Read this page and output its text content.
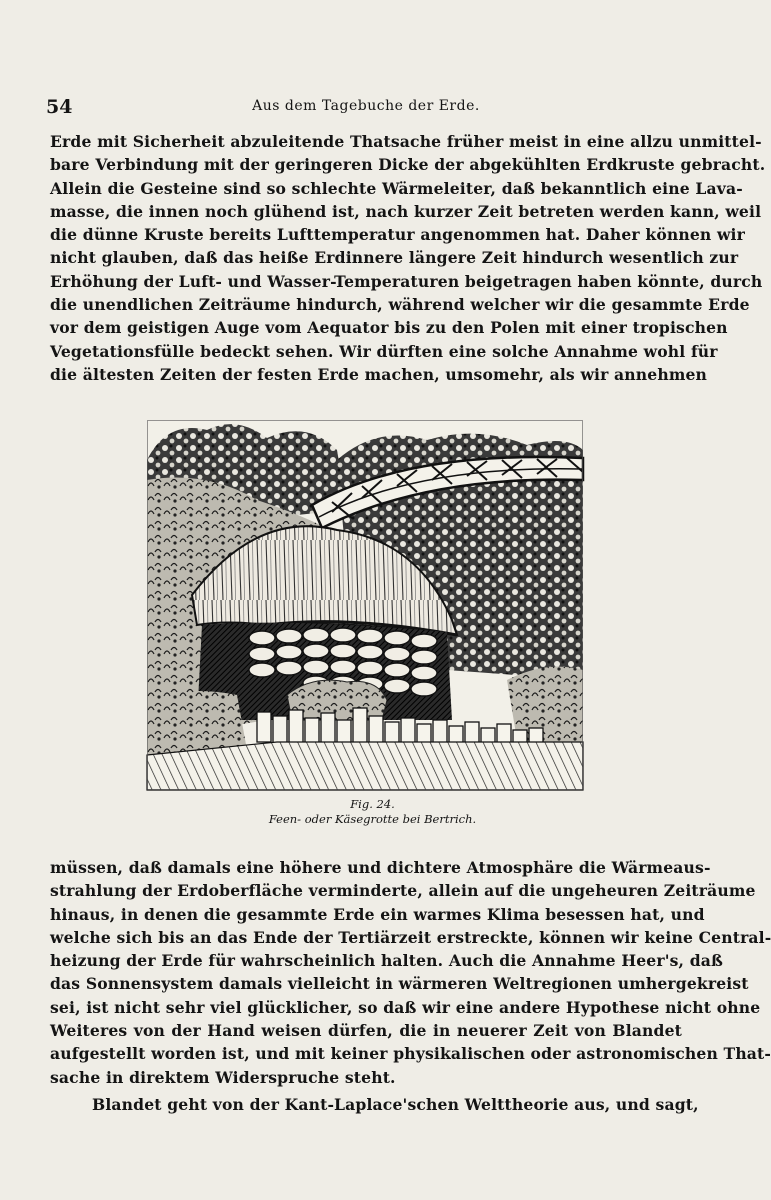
54	Aus dem Tagebuche der Erde.
Erde mit Sicherheit abzuleitende Thatsache früher meist in eine allzu unmittel-
bare Verbindung mit der geringeren Dicke der abgekühlten Erdkruste gebracht.
Allein die Gesteine sind so schlechte Wärmeleiter, daß bekanntlich eine Lava-
masse, die innen noch glühend ist, nach kurzer Zeit betreten werden kann, weil
die dünne Kruste bereits Lufttemperatur angenommen hat. Daher können wir
nicht glauben, daß das heiße Erdinnere längere Zeit hindurch wesentlich zur
Erhöhung der Luft- und Wasser-Temperaturen beigetragen haben könnte, durch
die unendlichen Zeiträume hindurch, während welcher wir die gesammte Erde
vor dem geistigen Auge vom Aequator bis zu den Polen mit einer tropischen
Vegetationsfülle bedeckt sehen. Wir dürften eine solche Annahme wohl für
die ältesten Zeiten der festen Erde machen, umsomehr, als wir annehmen
Fig. 24.
Feen- oder Käsegrotte bei Bertrich.
müssen, daß damals eine höhere und dichtere Atmosphäre die Wärmeaus-
strahlung der Erdoberfläche verminderte, allein auf die ungeheuren Zeiträume
hinaus, in denen die gesammte Erde ein warmes Klima besessen hat, und
welche sich bis an das Ende der Tertiärzeit erstreckte, können wir keine Central-
heizung der Erde für wahrscheinlich halten. Auch die Annahme Heer's, daß
das Sonnensystem damals vielleicht in wärmeren Weltregionen umhergekreist
sei, ist nicht sehr viel glücklicher, so daß wir eine andere Hypothese nicht ohne
Weiteres von der Hand weisen dürfen, die in neuerer Zeit von Blandet
aufgestellt worden ist, und mit keiner physikalischen oder astronomischen That-
sache in direktem Widerspruche steht.
Blandet geht von der Kant-Laplace'schen Welttheorie aus, und sagt,
